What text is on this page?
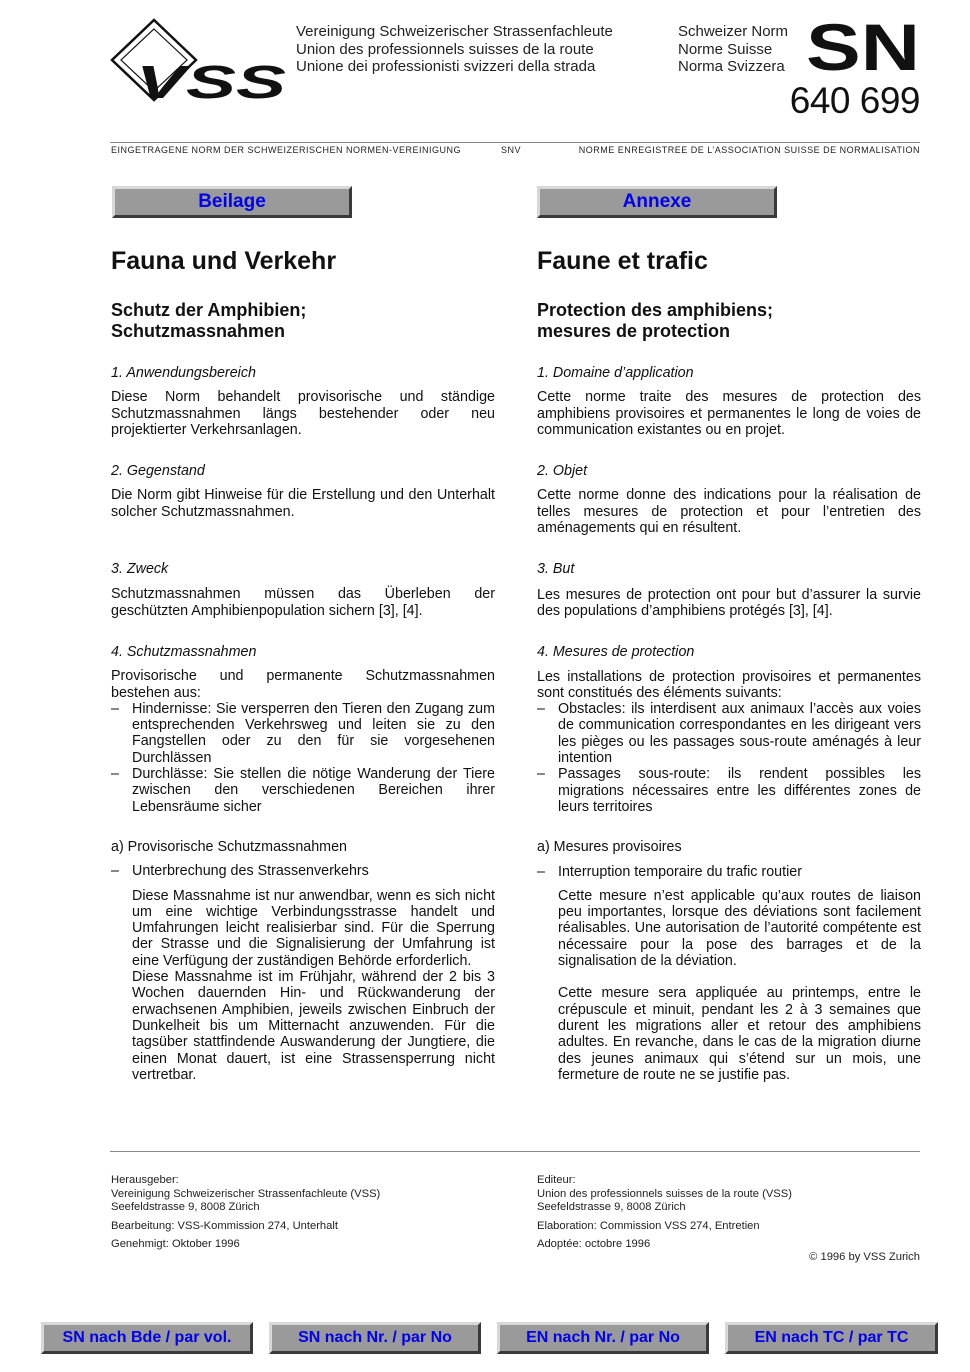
VSS
Vereinigung Schweizerischer Strassenfachleute
Union des professionnels suisses de la route
Unione dei professionisti svizzeri della strada
Schweizer Norm
Norme Suisse
Norma Svizzera SN
640 699
EINGETRAGENE NORM DER SCHWEIZERISCHEN NORMEN-VEREINIGUNG	SNV	NORME ENREGISTREE DE L’ASSOCIATION SUISSE DE NORMALISATION
Beilage	Annexe
Fauna und Verkehr
Schutz der Amphibien;
Schutzmassnahmen
1. Anwendungsbereich

Diese Norm behandelt provisorische und ständige Schutzmassnahmen längs bestehender oder neu projektierter Verkehrsanlagen.

2. Gegenstand

Die Norm gibt Hinweise für die Erstellung und den Unterhalt solcher Schutzmassnahmen.

3. Zweck

Schutzmassnahmen müssen das Überleben der geschützten Amphibienpopulation sichern [3], [4].

4. Schutzmassnahmen

Provisorische und permanente Schutzmassnahmen bestehen aus:

– Hindernisse: Sie versperren den Tieren den Zugang zum entsprechenden Verkehrsweg und leiten sie zu den Fangstellen oder zu den für sie vorgesehenen Durchlässen
– Durchlässe: Sie stellen die nötige Wanderung der Tiere zwischen den verschiedenen Bereichen ihrer Lebensräume sicher
a) Provisorische Schutzmassnahmen
– Unterbrechung des Strassenverkehrs

Diese Massnahme ist nur anwendbar, wenn es sich nicht um eine wichtige Verbindungsstrasse handelt und Umfahrungen leicht realisierbar sind. Für die Sperrung der Strasse und die Signalisierung der Umfahrung ist eine Verfügung der zuständigen Behörde erforderlich.

Diese Massnahme ist im Frühjahr, während der 2 bis 3 Wochen dauernden Hin- und Rückwanderung der erwachsenen Amphibien, jeweils zwischen Einbruch der Dunkelheit bis um Mitternacht anzuwenden. Für die tagsüber stattfindende Auswanderung der Jungtiere, die einen Monat dauert, ist eine Strassensperrung nicht vertretbar.

Faune et trafic
Protection des amphibiens;
mesures de protection
1. Domaine d’application

Cette norme traite des mesures de protection des amphibiens provisoires et permanentes le long de voies de communication existantes ou en projet.

2. Objet

Cette norme donne des indications pour la réalisation de telles mesures de protection et pour l’entretien des aménagements qui en résultent.

3. But

Les mesures de protection ont pour but d’assurer la survie des populations d’amphibiens protégés [3], [4].

4. Mesures de protection

Les installations de protection provisoires et permanentes sont constitués des éléments suivants:

– Obstacles: ils interdisent aux animaux l’accès aux voies de communication correspondantes en les dirigeant vers les pièges ou les passages sous-route aménagés à leur intention
– Passages sous-route: ils rendent possibles les migrations nécessaires entre les différentes zones de leurs territoires
a) Mesures provisoires
– Interruption temporaire du trafic routier

Cette mesure n’est applicable qu’aux routes de liaison peu importantes, lorsque des déviations sont facilement réalisables. Une autorisation de l’autorité compétente est nécessaire pour la pose des barrages et de la signalisation de la déviation.

Cette mesure sera appliquée au printemps, entre le crépuscule et minuit, pendant les 2 à 3 semaines que durent les migrations aller et retour des amphibiens adultes. En revanche, dans le cas de la migration diurne des jeunes animaux qui s’étend sur un mois, une fermeture de route ne se justifie pas.

Herausgeber:
Vereinigung Schweizerischer Strassenfachleute (VSS)
Seefeldstrasse 9, 8008 Zürich
Bearbeitung: VSS-Kommission 274, Unterhalt
Genehmigt: Oktober 1996
Editeur:
Union des professionnels suisses de la route (VSS)
Seefeldstrasse 9, 8008 Zürich
Elaboration: Commission VSS 274, Entretien
Adoptée: octobre 1996
© 1996 by VSS Zurich
SN nach Bde / par vol.	SN nach Nr. / par No	EN nach Nr. / par No	EN nach TC / par TC
